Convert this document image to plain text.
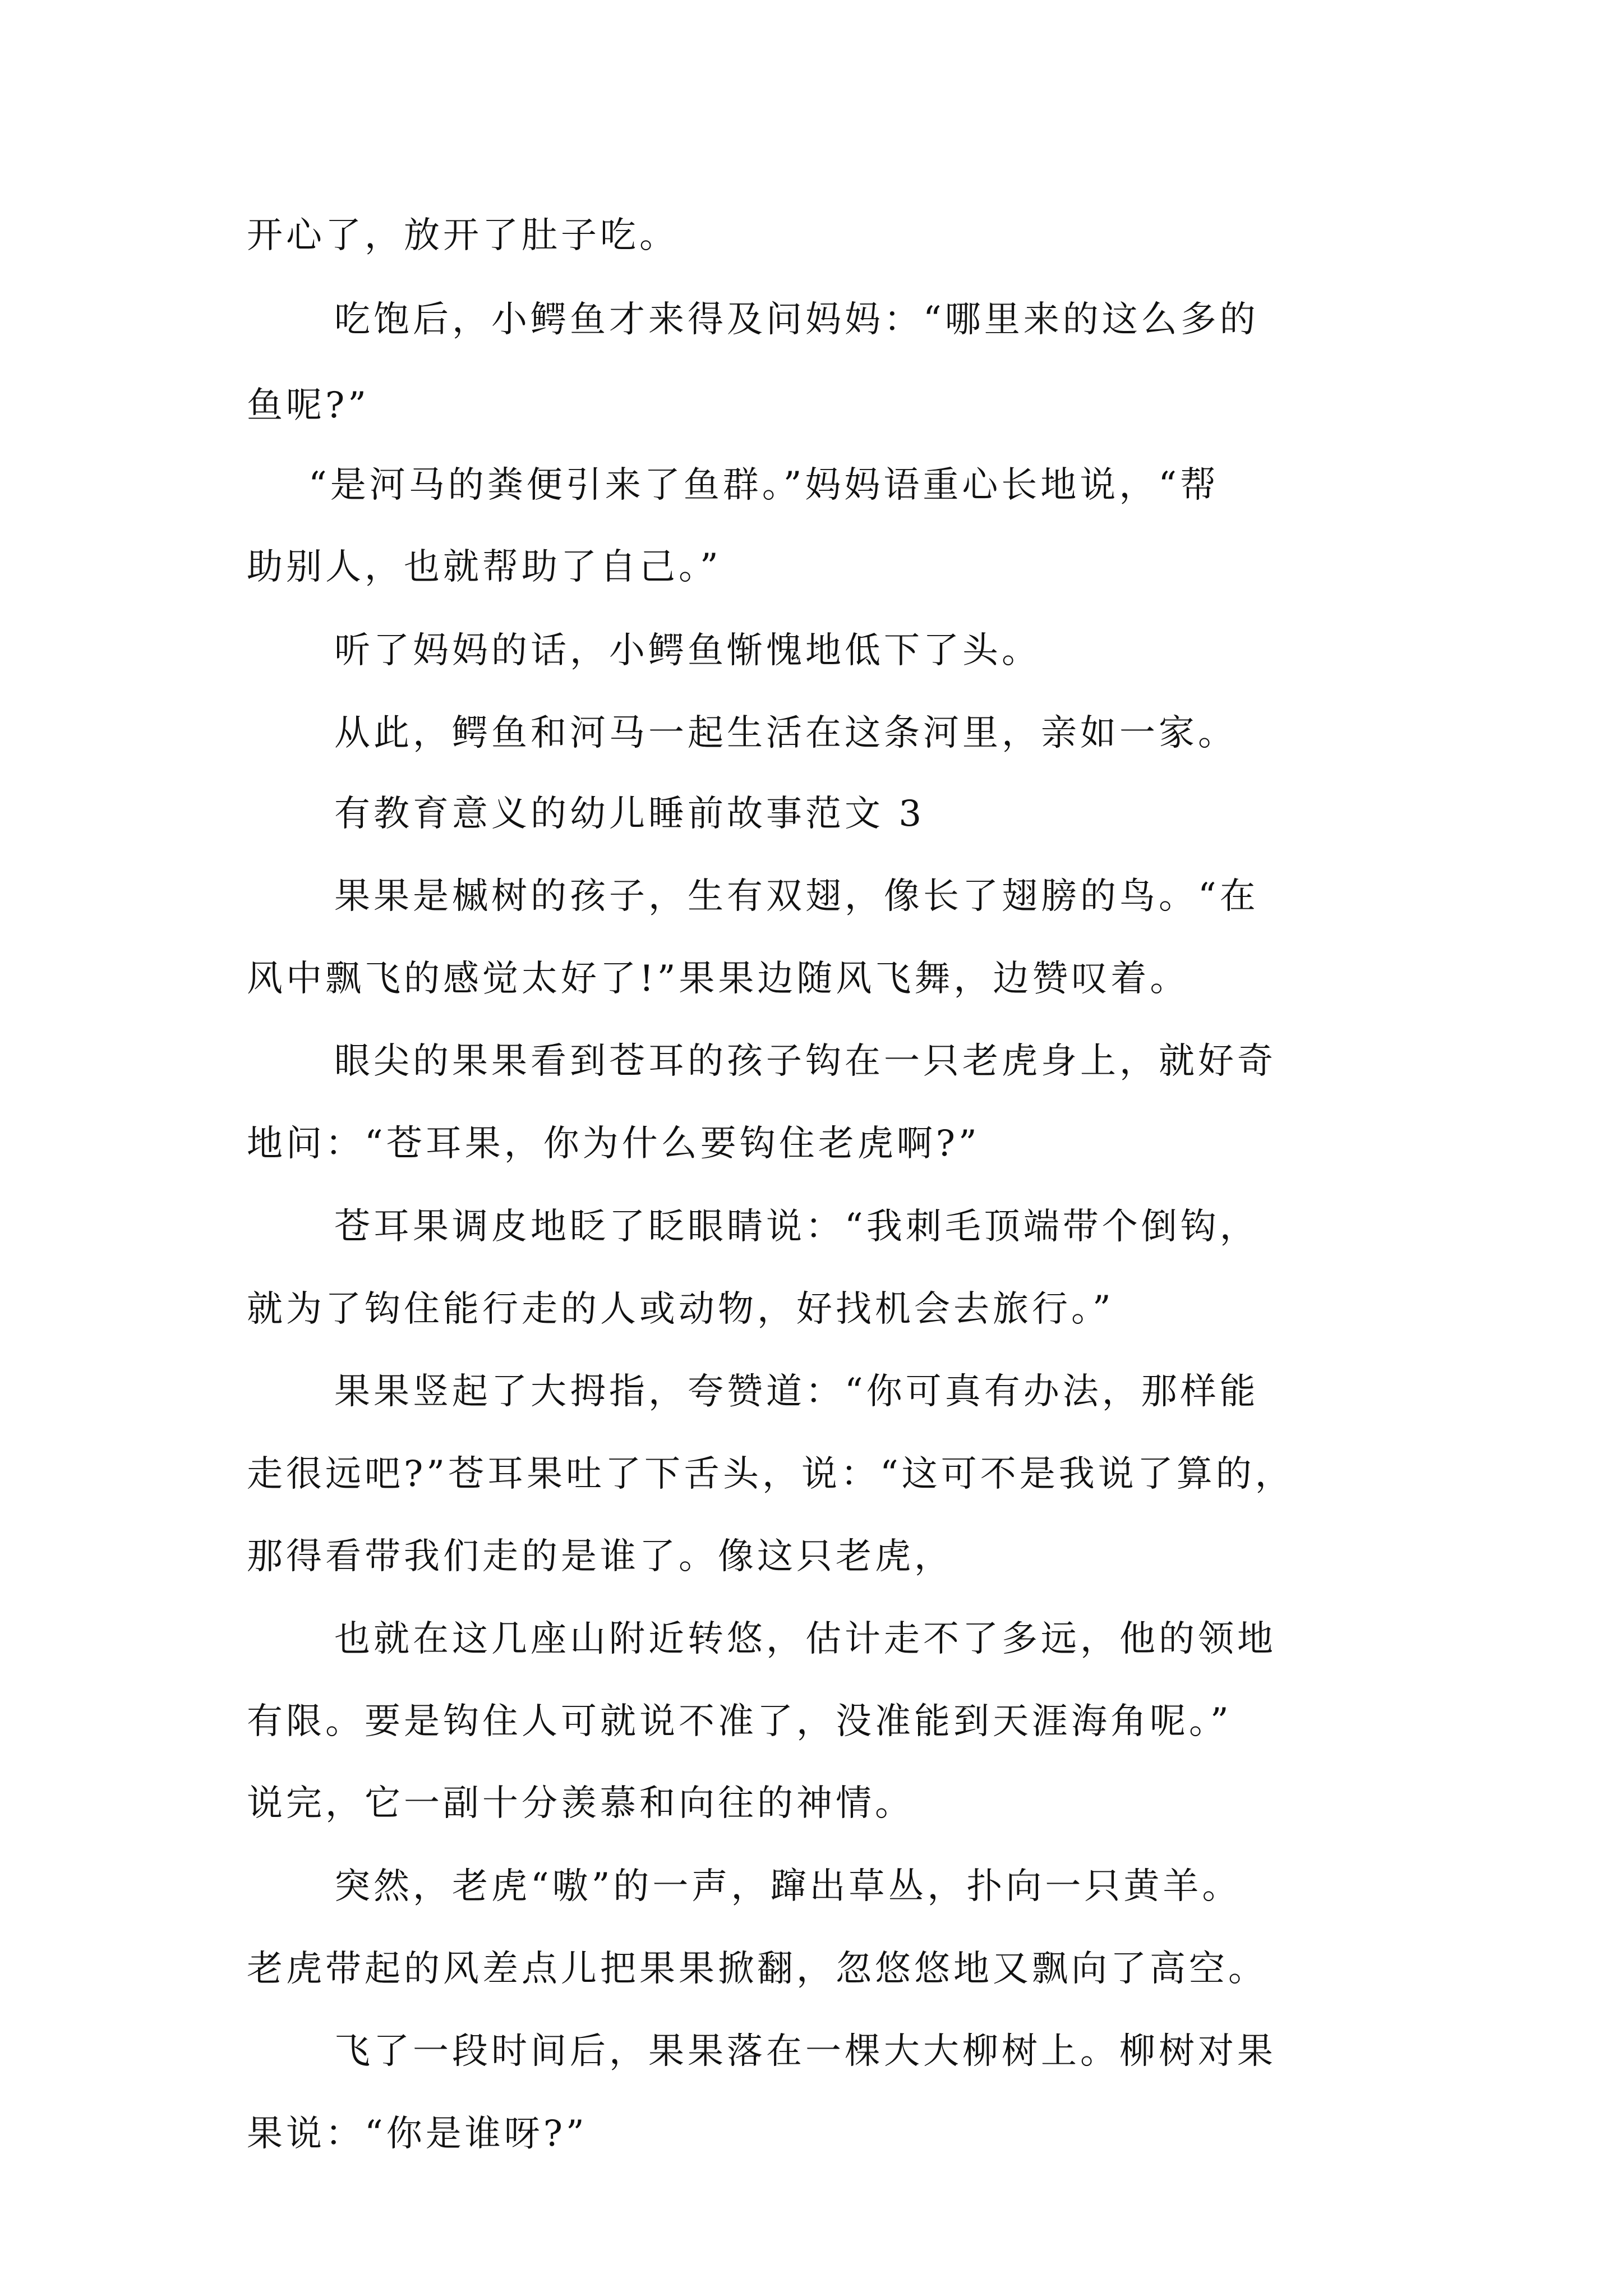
开心了，放开了肚子吃。
吃饱后，小鳄鱼才来得及问妈妈：“哪里来的这么多的
鱼呢?”
“是河马的粪便引来了鱼群。”妈妈语重心长地说，“帮
助别人，也就帮助了自己。”
听了妈妈的话，小鳄鱼惭愧地低下了头。
从此，鳄鱼和河马一起生活在这条河里，亲如一家。
有教育意义的幼儿睡前故事范文 3
果果是槭树的孩子，生有双翅，像长了翅膀的鸟。“在
风中飘飞的感觉太好了!”果果边随风飞舞，边赞叹着。
眼尖的果果看到苍耳的孩子钩在一只老虎身上，就好奇
地问：“苍耳果，你为什么要钩住老虎啊?”
苍耳果调皮地眨了眨眼睛说：“我刺毛顶端带个倒钩，
就为了钩住能行走的人或动物，好找机会去旅行。”
果果竖起了大拇指，夸赞道：“你可真有办法，那样能
走很远吧?”苍耳果吐了下舌头，说：“这可不是我说了算的，
那得看带我们走的是谁了。像这只老虎，
也就在这几座山附近转悠，估计走不了多远，他的领地
有限。要是钩住人可就说不准了，没准能到天涯海角呢。”
说完，它一副十分羡慕和向往的神情。
突然，老虎“嗷”的一声，蹿出草丛，扑向一只黄羊。
老虎带起的风差点儿把果果掀翻，忽悠悠地又飘向了高空。
飞了一段时间后，果果落在一棵大大柳树上。柳树对果
果说：“你是谁呀?”
